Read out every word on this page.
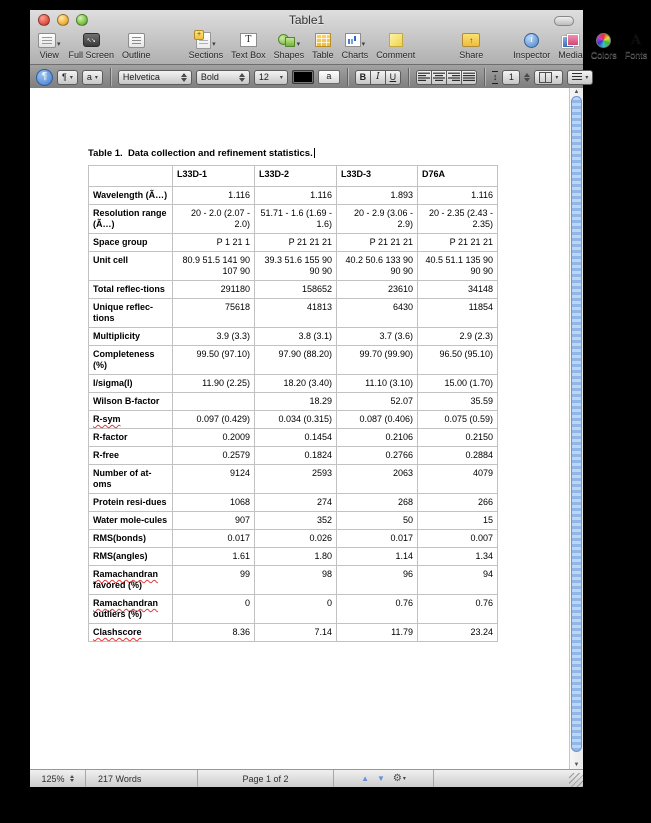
Table1
▾
View
↖↘ Full Screen Outline
+
▾
Sections
T Text Box
▾
Shapes Table
▾
Charts Comment
↑	Share
i	Inspector Media Colors
A Fonts
¶	¶ ▾ a ▾	Helvetica	Bold	12 ▾	a	B	I	U ↕	1	▾	▾
Table 1.  Data collection and refinement statistics.
	L33D-1	L33D-2	L33D-3	D76A
Wavelength (Ã…)	1.116	1.116	1.893	1.116
Resolution range (Ã…)	20 - 2.0 (2.07 - 2.0)	51.71 - 1.6 (1.69 - 1.6)	20 - 2.9 (3.06 - 2.9)	20 - 2.35 (2.43 - 2.35)
Space group	P 1 21 1	P 21 21 21	P 21 21 21	P 21 21 21
Unit cell	80.9 51.5 141 90 107 90	39.3 51.6 155 90 90 90	40.2 50.6 133 90 90 90	40.5 51.1 135 90 90 90
Total reflec-tions	291180	158652	23610	34148
Unique reflec-tions	75618	41813	6430	11854
Multiplicity	3.9 (3.3)	3.8 (3.1)	3.7 (3.6)	2.9 (2.3)
Completeness (%)	99.50 (97.10)	97.90 (88.20)	99.70 (99.90)	96.50 (95.10)
I/sigma(I)	11.90 (2.25)	18.20 (3.40)	11.10 (3.10)	15.00 (1.70)
Wilson B-factor		18.29	52.07	35.59
R-sym	0.097 (0.429)	0.034 (0.315)	0.087 (0.406)	0.075 (0.59)
R-factor	0.2009	0.1454	0.2106	0.2150
R-free	0.2579	0.1824	0.2766	0.2884
Number of at-oms	9124	2593	2063	4079
Protein resi-dues	1068	274	268	266
Water mole-cules	907	352	50	15
RMS(bonds)	0.017	0.026	0.017	0.007
RMS(angles)	1.61	1.80	1.14	1.34
Ramachandran favored (%)	99	98	96	94
Ramachandran outliers (%)	0	0	0.76	0.76
Clashscore	8.36	7.14	11.79	23.24
▲
▼
125%	217 Words	Page 1 of 2	▲ ▼ ⚙ ▾
